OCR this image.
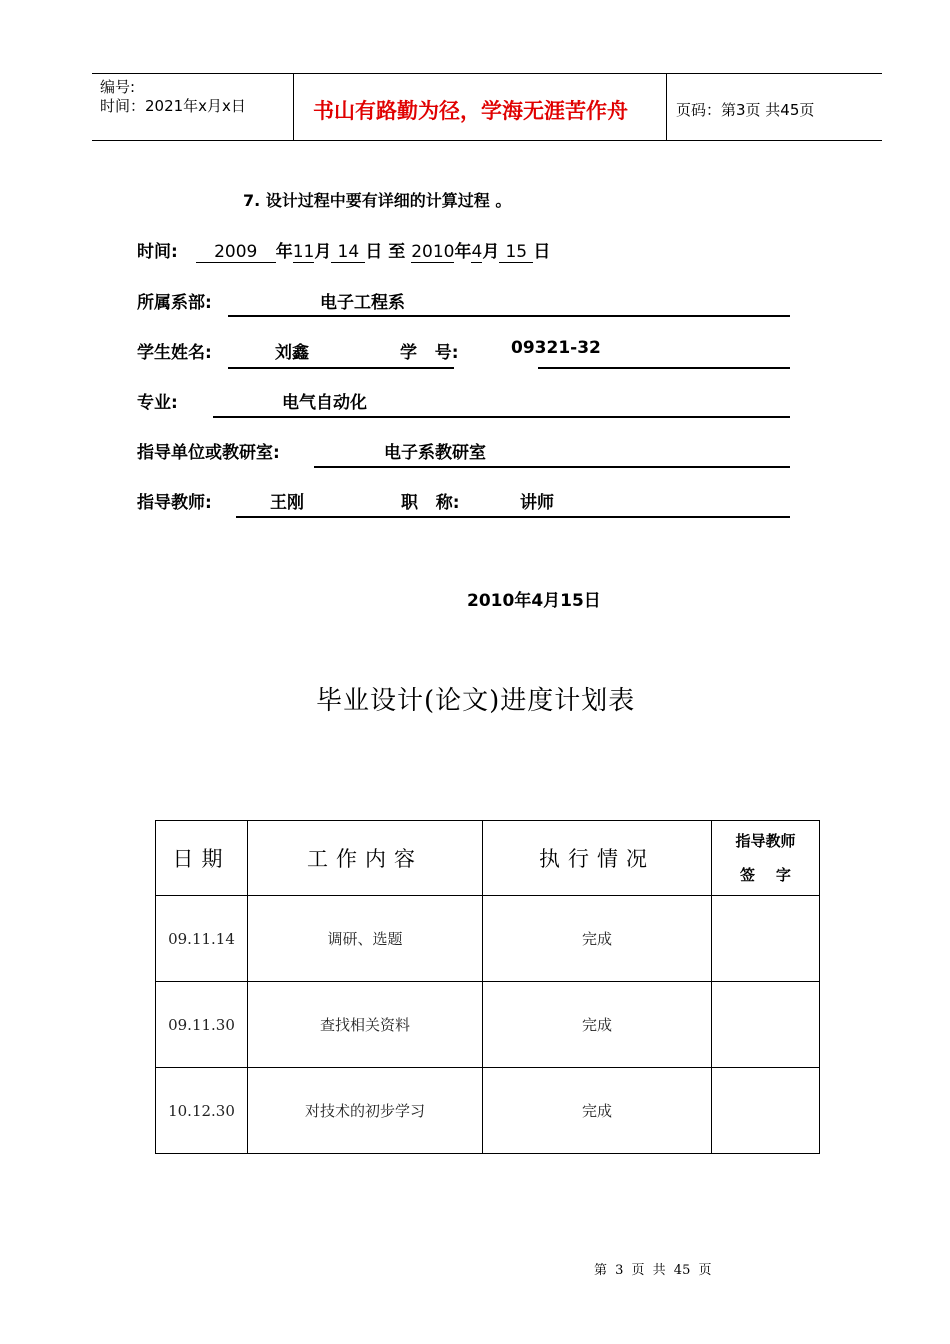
编号:
时间：2021年x月x日	书山有路勤为径，学海无涯苦作舟	页码：第3页 共45页
7. 设计过程中要有详细的计算过程 。
时间: 2009 年11月 14 日 至 2010年4月 15 日
所属系部:	电子工程系
学生姓名:	刘鑫	学   号:	09321-32
专业:	电气自动化
指导单位或教研室:	电子系教研室
指导教师:	王刚	职   称:	讲师
2010年4月15日
毕业设计(论文)进度计划表
日期	工作内容	执行情况	指导教师
签    字

09.11.14	调研、选题	完成	
09.11.30	查找相关资料	完成	
10.12.30	对技术的初步学习	完成	
第 3 页 共 45 页
